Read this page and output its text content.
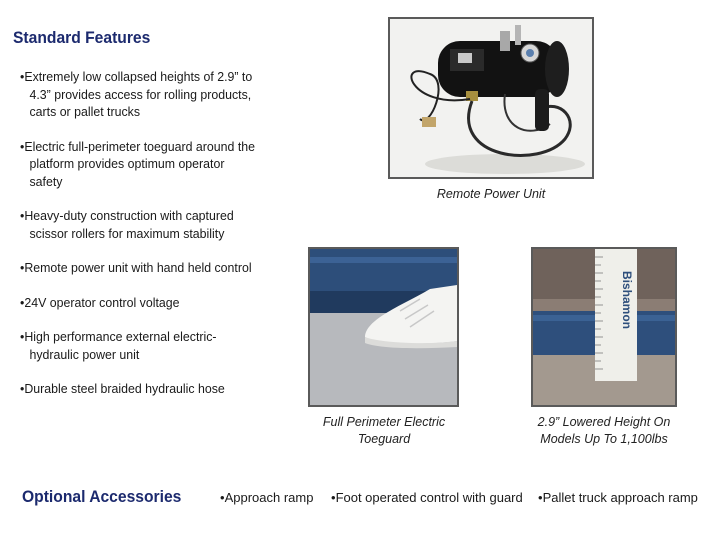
Standard Features
• Extremely low collapsed heights of 2.9” to 4.3” provides access for rolling products, carts or pallet trucks
• Electric full-perimeter toeguard around the platform provides optimum operator safety
• Heavy-duty construction with captured scissor rollers for maximum stability
• Remote power unit with hand held control
• 24V operator control voltage
• High performance external electric-hydraulic power unit
• Durable steel braided hydraulic hose
Remote Power Unit
Full Perimeter Electric
Toeguard
Bishamon
2.9” Lowered Height On
Models Up To 1,100lbs
Optional Accessories	• Approach ramp	• Foot operated control with guard	• Pallet truck approach ramp
